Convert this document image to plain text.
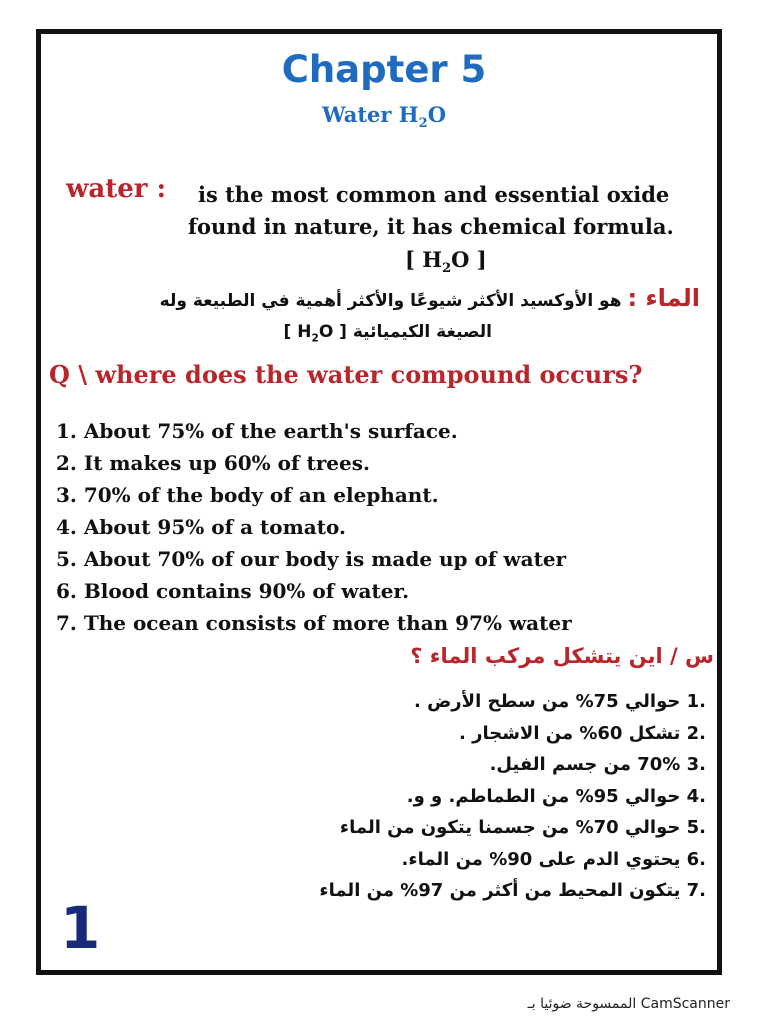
Chapter 5
Water $H_2O$
water : is the most common and essential oxide
found in nature, it has chemical formula.
[ $H_2O$ ]
الماء : هو الأوكسيد الأكثر شيوعًا والأكثر أهمية في الطبيعة وله
الصيغة الكيميائية [ $H_2O$ ]
Q \ where does the water compound occurs?
1. About 75% of the earth's surface.
2. It makes up 60% of trees.
3. 70% of the body of an elephant.
4. About 95% of a tomato.
5. About 70% of our body is made up of water
6. Blood contains 90% of water.
7. The ocean consists of more than 97% water
س / اين يتشكل مركب الماء ؟
.1 حوالي 75% من سطح الأرض .
.2 تشكل 60% من الاشجار .
.3 70% من جسم الفيل.
.4 حوالي 95% من الطماطم. و و.
.5 حوالي 70% من جسمنا يتكون من الماء
.6 يحتوي الدم على 90% من الماء.
.7 يتكون المحيط من أكثر من 97% من الماء
1
الممسوحة ضوئيا بـ CamScanner
